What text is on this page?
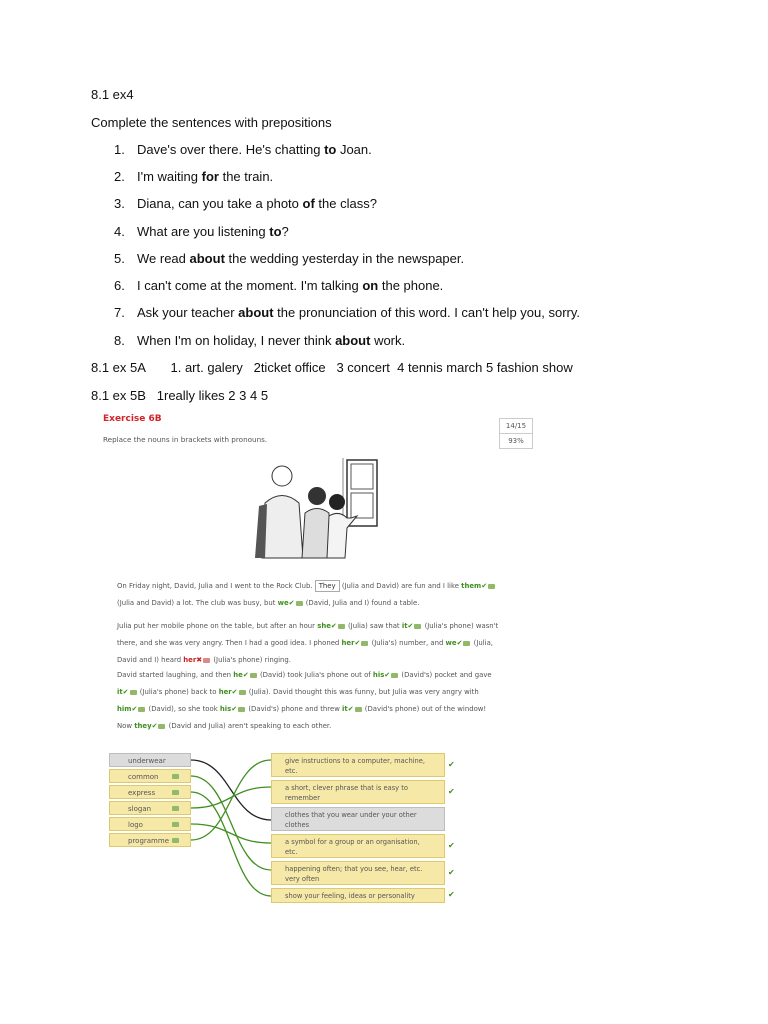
8.1 ex4
Complete the sentences with prepositions
1. Dave's over there. He's chatting to Joan.
2. I'm waiting for the train.
3. Diana, can you take a photo of the class?
4. What are you listening to?
5. We read about the wedding yesterday in the newspaper.
6. I can't come at the moment. I'm talking on the phone.
7. Ask your teacher about the pronunciation of this word. I can't help you, sorry.
8. When I'm on holiday, I never think about work.
8.1 ex 5A       1. art. galery   2ticket office   3 concert  4 tennis march 5 fashion show
8.1 ex 5B   1really likes 2 3 4 5
Exercise 6B
Replace the nouns in brackets with pronouns.
14/15
93%
On Friday night, David, Julia and I went to the Rock Club. They (Julia and David) are fun and I like them✔
(Julia and David) a lot. The club was busy, but we✔ (David, Julia and I) found a table.
Julia put her mobile phone on the table, but after an hour she✔ (Julia) saw that it✔ (Julia's phone) wasn't
there, and she was very angry. Then I had a good idea. I phoned her✔ (Julia's) number, and we✔ (Julia,
David and I) heard her✖ (Julia's phone) ringing.
David started laughing, and then he✔ (David) took Julia's phone out of his✔ (David's) pocket and gave
it✔ (Julia's phone) back to her✔ (Julia). David thought this was funny, but Julia was very angry with
him✔ (David), so she took his✔ (David's) phone and threw it✔ (David's phone) out of the window!
Now they✔ (David and Julia) aren't speaking to each other.
underwear
common
express
slogan
logo
programme
give instructions to a computer, machine, etc.
✔
a short, clever phrase that is easy to remember
✔
clothes that you wear under your other clothes
a symbol for a group or an organisation, etc.
✔
happening often; that you see, hear, etc. very often
✔
show your feeling, ideas or personality	✔
